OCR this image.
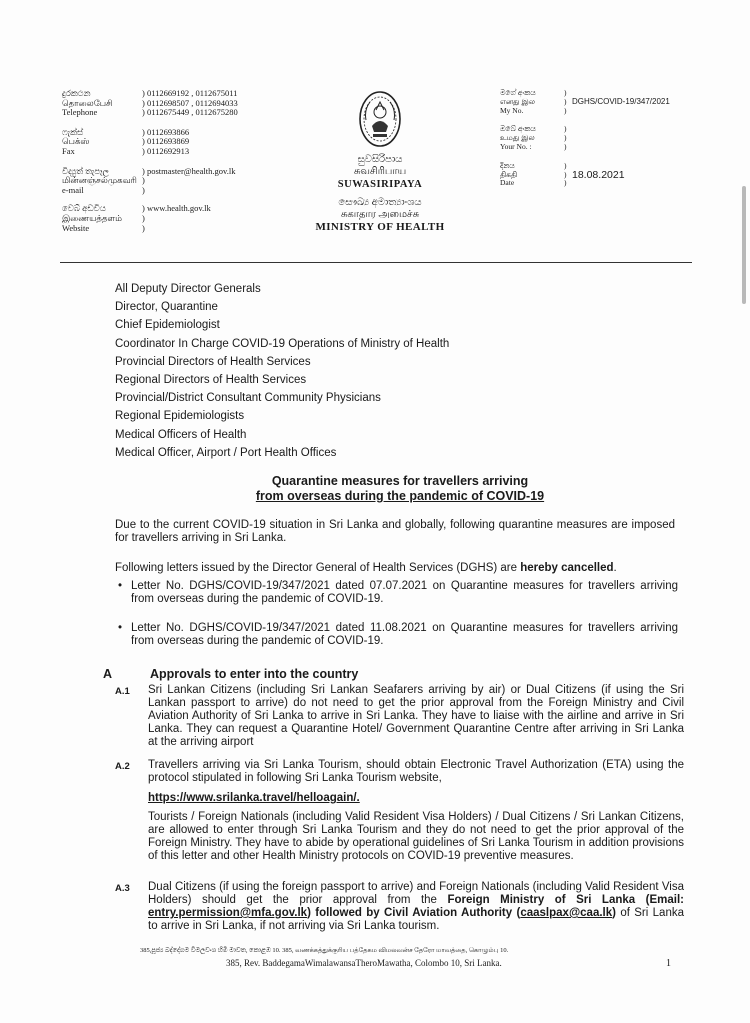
දුරකථන	) 0112669192 , 0112675011
தொலைபேசி	) 0112698507 , 0112694033
Telephone	) 0112675449 , 0112675280
ෆැක්ස්	) 0112693866
பெக்ஸ்	) 0112693869
Fax	) 0112692913
විද්‍යුත් තැපෑල	) postmaster@health.gov.lk
மின்னஞ்சல்முகவரி )
e-mail	)
වෙබ් අඩවිය	) www.health.gov.lk
இணையத்தளம்	)
Website	)
සුවසිරිපාය
சுவசிரிபாய
SUWASIRIPAYA
සෞඛ්‍ය අමාත්‍යාංශය
சுகாதார அமைச்சு
MINISTRY OF HEALTH
මගේ අංකය	)
எனது இல	) DGHS/COVID-19/347/2021
My No.	)
ඔබේ අංකය	)
உமது இல	)
Your No. :	)
දිනය	)
திகதி	) 18.08.2021
Date	)
All Deputy Director Generals
Director, Quarantine
Chief Epidemiologist
Coordinator In Charge COVID-19 Operations of Ministry of Health
Provincial Directors of Health Services
Regional Directors of Health Services
Provincial/District Consultant Community Physicians
Regional Epidemiologists
Medical Officers of Health
Medical Officer, Airport / Port Health Offices
Quarantine measures for travellers arriving
from overseas during the pandemic of COVID-19
Due to the current COVID-19 situation in Sri Lanka and globally, following quarantine measures are imposed for travellers arriving in Sri Lanka.
Following letters issued by the Director General of Health Services (DGHS) are hereby cancelled.
• Letter No. DGHS/COVID-19/347/2021 dated 07.07.2021 on Quarantine measures for travellers arriving from overseas during the pandemic of COVID-19.
• Letter No. DGHS/COVID-19/347/2021 dated 11.08.2021 on Quarantine measures for travellers arriving from overseas during the pandemic of COVID-19.
A	Approvals to enter into the country
A.1 Sri Lankan Citizens (including Sri Lankan Seafarers arriving by air) or Dual Citizens (if using the Sri Lankan passport to arrive) do not need to get the prior approval from the Foreign Ministry and Civil Aviation Authority of Sri Lanka to arrive in Sri Lanka. They have to liaise with the airline and arrive in Sri Lanka. They can request a Quarantine Hotel/ Government Quarantine Centre after arriving in Sri Lanka at the arriving airport
A.2 Travellers arriving via Sri Lanka Tourism, should obtain Electronic Travel Authorization (ETA) using the protocol stipulated in following Sri Lanka Tourism website,
https://www.srilanka.travel/helloagain/.
Tourists / Foreign Nationals (including Valid Resident Visa Holders) / Dual Citizens / Sri Lankan Citizens, are allowed to enter through Sri Lanka Tourism and they do not need to get the prior approval of the Foreign Ministry. They have to abide by operational guidelines of Sri Lanka Tourism in addition provisions of this letter and other Health Ministry protocols on COVID-19 preventive measures.
A.3 Dual Citizens (if using the foreign passport to arrive) and Foreign Nationals (including Valid Resident Visa Holders) should get the prior approval from the Foreign Ministry of Sri Lanka (Email: entry.permission@mfa.gov.lk) followed by Civil Aviation Authority (caaslpax@caa.lk) of Sri Lanka to arrive in Sri Lanka, if not arriving via Sri Lanka tourism.
385,පූජ්‍ය බද්දේගම විමලවංශ හිමි මාවත, කොළඹ 10. 385, வணக்கத்துக்குரிய பத்தேகம விமலவன்ச தேரோ மாவத்தை, கொழும்பு 10.
385, Rev. BaddegamaWimalawansaTheroMawatha, Colombo 10, Sri Lanka.	1
